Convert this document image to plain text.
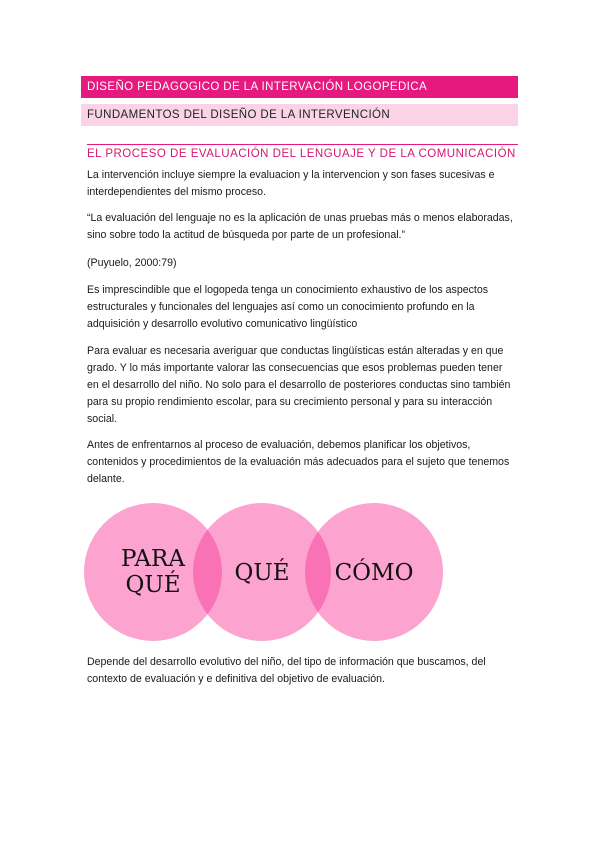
DISEÑO PEDAGOGICO DE LA INTERVACIÓN LOGOPEDICA
FUNDAMENTOS DEL DISEÑO DE LA INTERVENCIÓN
EL PROCESO DE EVALUACIÓN DEL LENGUAJE Y DE LA COMUNICACIÓN

La intervención incluye siempre la evaluacion y la intervencion y son fases sucesivas e interdependientes del mismo proceso.

“La evaluación del lenguaje no es la aplicación de unas pruebas más o menos elaboradas, sino sobre todo la actitud de búsqueda por parte de un profesional.”

(Puyuelo, 2000:79)

Es imprescindible que el logopeda tenga un conocimiento exhaustivo de los aspectos estructurales y funcionales del lenguajes así como un conocimiento profundo en la adquisición y desarrollo evolutivo comunicativo lingüístico

Para evaluar es necesaria averiguar que conductas lingüísticas están alteradas y en que grado. Y lo más importante valorar las consecuencias que esos problemas pueden tener en el desarrollo del niño. No solo para el desarrollo de posteriores conductas sino también para su propio rendimiento escolar, para su crecimiento personal y para su interacción social.

Antes de enfrentarnos al proceso de evaluación, debemos planificar los objetivos, contenidos y procedimientos de la evaluación más adecuados para el sujeto que tenemos delante.

PARA
QUÉ QUÉ CÓMO

Depende del desarrollo evolutivo del niño, del tipo de información que buscamos, del contexto de evaluación y e definitiva del objetivo de evaluación.
